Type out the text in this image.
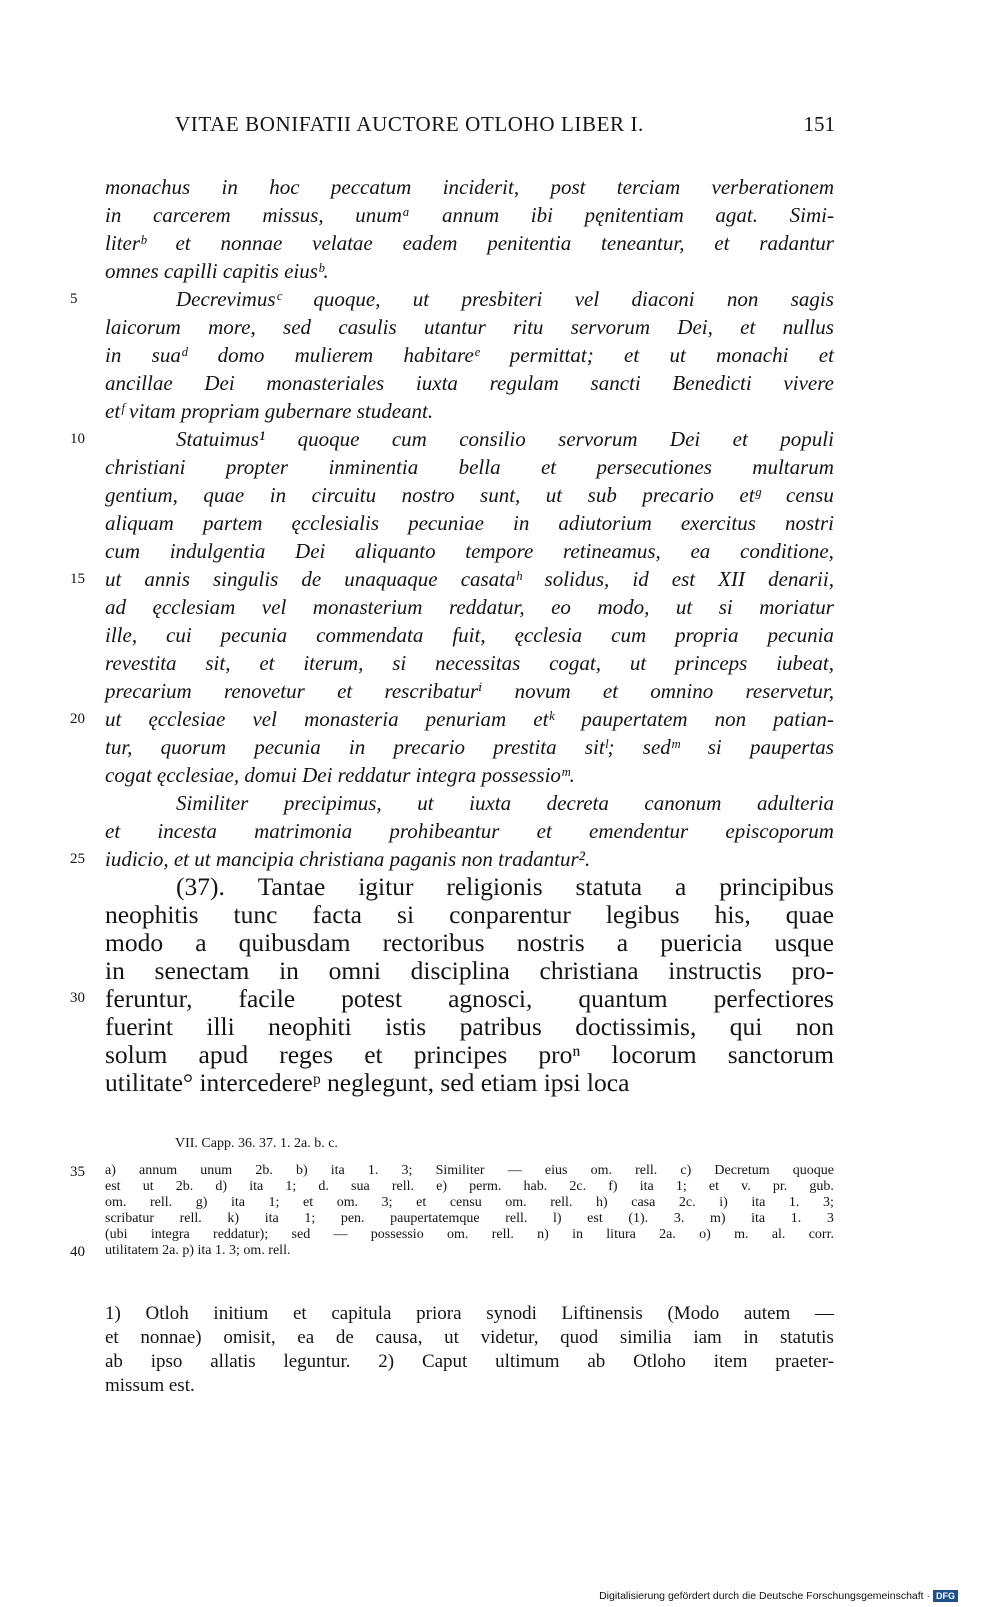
VITAE BONIFATII AUCTORE OTLOHO LIBER I.	151
monachus in hoc peccatum inciderit, post terciam verberationem
in carcerem missus, unumᵃ annum ibi pęnitentiam agat. Simi-
literᵇ et nonnae velatae eadem penitentia teneantur, et radantur
omnes capilli capitis eiusᵇ.
Decrevimusᶜ quoque, ut presbiteri vel diaconi non sagis
5
laicorum more, sed casulis utantur ritu servorum Dei, et nullus
in suaᵈ domo mulierem habitareᵉ permittat; et ut monachi et
ancillae Dei monasteriales iuxta regulam sancti Benedicti vivere
etᶠ vitam propriam gubernare studeant.
Statuimus¹ quoque cum consilio servorum Dei et populi
10
christiani propter inminentia bella et persecutiones multarum
gentium, quae in circuitu nostro sunt, ut sub precario etᵍ censu
aliquam partem ęcclesialis pecuniae in adiutorium exercitus nostri
cum indulgentia Dei aliquanto tempore retineamus, ea conditione,
ut annis singulis de unaquaque casataʰ solidus, id est XII denarii,
15
ad ęcclesiam vel monasterium reddatur, eo modo, ut si moriatur
ille, cui pecunia commendata fuit, ęcclesia cum propria pecunia
revestita sit, et iterum, si necessitas cogat, ut princeps iubeat,
precarium renovetur et rescribaturⁱ novum et omnino reservetur,
ut ęcclesiae vel monasteria penuriam etᵏ paupertatem non patian-
20
tur, quorum pecunia in precario prestita sitˡ; sedᵐ si paupertas
cogat ęcclesiae, domui Dei reddatur integra possessioᵐ.
Similiter precipimus, ut iuxta decreta canonum adulteria
et incesta matrimonia prohibeantur et emendentur episcoporum
iudicio, et ut mancipia christiana paganis non tradantur².
25
(37). Tantae igitur religionis statuta a principibus
neophitis tunc facta si conparentur legibus his, quae
modo a quibusdam rectoribus nostris a puericia usque
in senectam in omni disciplina christiana instructis pro-
feruntur, facile potest agnosci, quantum perfectiores
30
fuerint illi neophiti istis patribus doctissimis, qui non
solum apud reges et principes proⁿ locorum sanctorum
utilitate° intercedereᵖ neglegunt, sed etiam ipsi loca
VII. Capp. 36. 37. 1. 2a. b. c.
a) annum unum 2b. b) ita 1. 3; Similiter — eius om. rell. c) Decretum quoque
35
est ut 2b. d) ita 1; d. sua rell. e) perm. hab. 2c. f) ita 1; et v. pr. gub.
om. rell. g) ita 1; et om. 3; et censu om. rell. h) casa 2c. i) ita 1. 3;
scribatur rell. k) ita 1; pen. paupertatemque rell. l) est (1). 3. m) ita 1. 3
(ubi integra reddatur); sed — possessio om. rell. n) in litura 2a. o) m. al. corr.
utilitatem 2a. p) ita 1. 3; om. rell.
40
1) Otloh initium et capitula priora synodi Liftinensis (Modo autem —
et nonnae) omisit, ea de causa, ut videtur, quod similia iam in statutis
ab ipso allatis leguntur. 2) Caput ultimum ab Otloho item praeter-
missum est.
Digitalisierung gefördert durch die Deutsche Forschungsgemeinschaft · DFG
